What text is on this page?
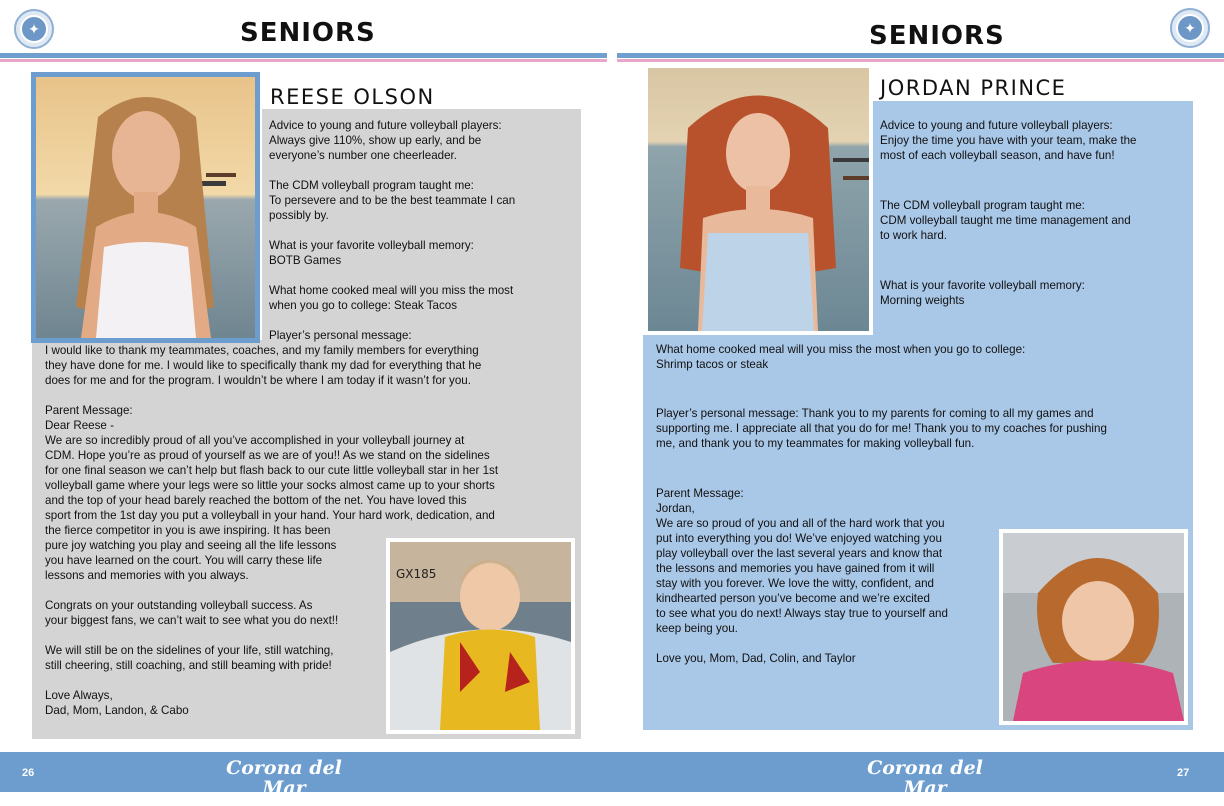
✦	SENIORS	SENIORS	✦
REESE OLSON
Advice to young and future volleyball players:
Always give 110%, show up early, and be
everyone’s number one cheerleader.
The CDM volleyball program taught me:
To persevere and to be the best teammate I can
possibly by.
What is your favorite volleyball memory:
BOTB Games
What home cooked meal will you miss the most
when you go to college: Steak Tacos
Player’s personal message:
I would like to thank my teammates, coaches, and my family members for everything
they have done for me. I would like to specifically thank my dad for everything that he
does for me and for the program. I wouldn’t be where I am today if it wasn’t for you.
Parent Message:
Dear Reese -
We are so incredibly proud of all you’ve accomplished in your volleyball journey at
CDM. Hope you’re as proud of yourself as we are of you!! As we stand on the sidelines
for one final season we can’t help but flash back to our cute little volleyball star in her 1st
volleyball game where your legs were so little your socks almost came up to your shorts
and the top of your head barely reached the bottom of the net. You have loved this
sport from the 1st day you put a volleyball in your hand. Your hard work, dedication, and
the fierce competitor in you is awe inspiring. It has been
pure joy watching you play and seeing all the life lessons
you have learned on the court. You will carry these life
lessons and memories with you always.

Congrats on your outstanding volleyball success. As
your biggest fans, we can’t wait to see what you do next!!

We will still be on the sidelines of your life, still watching,
still cheering, still coaching, and still beaming with pride!

Love Always,
Dad, Mom, Landon, & Cabo
GX185
JORDAN PRINCE
Advice to young and future volleyball players:
Enjoy the time you have with your team, make the
most of each volleyball season, and have fun!
The CDM volleyball program taught me:
CDM volleyball taught me time management and
to work hard.
What is your favorite volleyball memory:
Morning weights
What home cooked meal will you miss the most when you go to college:
Shrimp tacos or steak
Player’s personal message: Thank you to my parents for coming to all my games and
supporting me. I appreciate all that you do for me! Thank you to my coaches for pushing
me, and thank you to my teammates for making volleyball fun.
Parent Message:
Jordan,
We are so proud of you and all of the hard work that you
put into everything you do! We’ve enjoyed watching you
play volleyball over the last several years and know that
the lessons and memories you have gained from it will
stay with you forever. We love the witty, confident, and
kindhearted person you’ve become and we’re excited
to see what you do next! Always stay true to yourself and
keep being you.

Love you, Mom, Dad, Colin, and Taylor
26	27
Corona del Mar
VOLLEYBALL
Corona del Mar
VOLLEYBALL
